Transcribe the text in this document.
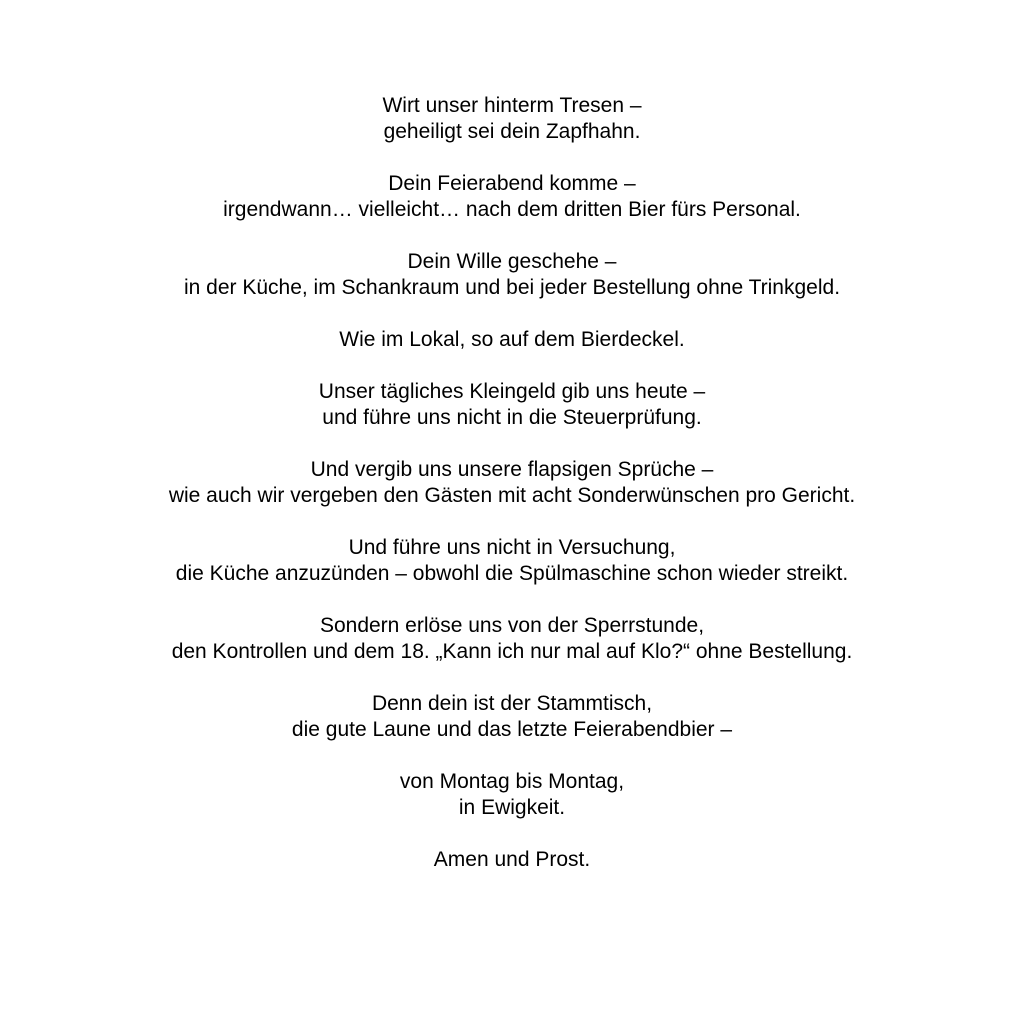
Wirt unser hinterm Tresen –
geheiligt sei dein Zapfhahn.
Dein Feierabend komme –
irgendwann… vielleicht… nach dem dritten Bier fürs Personal.
Dein Wille geschehe –
in der Küche, im Schankraum und bei jeder Bestellung ohne Trinkgeld.
Wie im Lokal, so auf dem Bierdeckel.
Unser tägliches Kleingeld gib uns heute –
und führe uns nicht in die Steuerprüfung.
Und vergib uns unsere flapsigen Sprüche –
wie auch wir vergeben den Gästen mit acht Sonderwünschen pro Gericht.
Und führe uns nicht in Versuchung,
die Küche anzuzünden – obwohl die Spülmaschine schon wieder streikt.
Sondern erlöse uns von der Sperrstunde,
den Kontrollen und dem 18. „Kann ich nur mal auf Klo?“ ohne Bestellung.
Denn dein ist der Stammtisch,
die gute Laune und das letzte Feierabendbier –
von Montag bis Montag,
in Ewigkeit.
Amen und Prost.
